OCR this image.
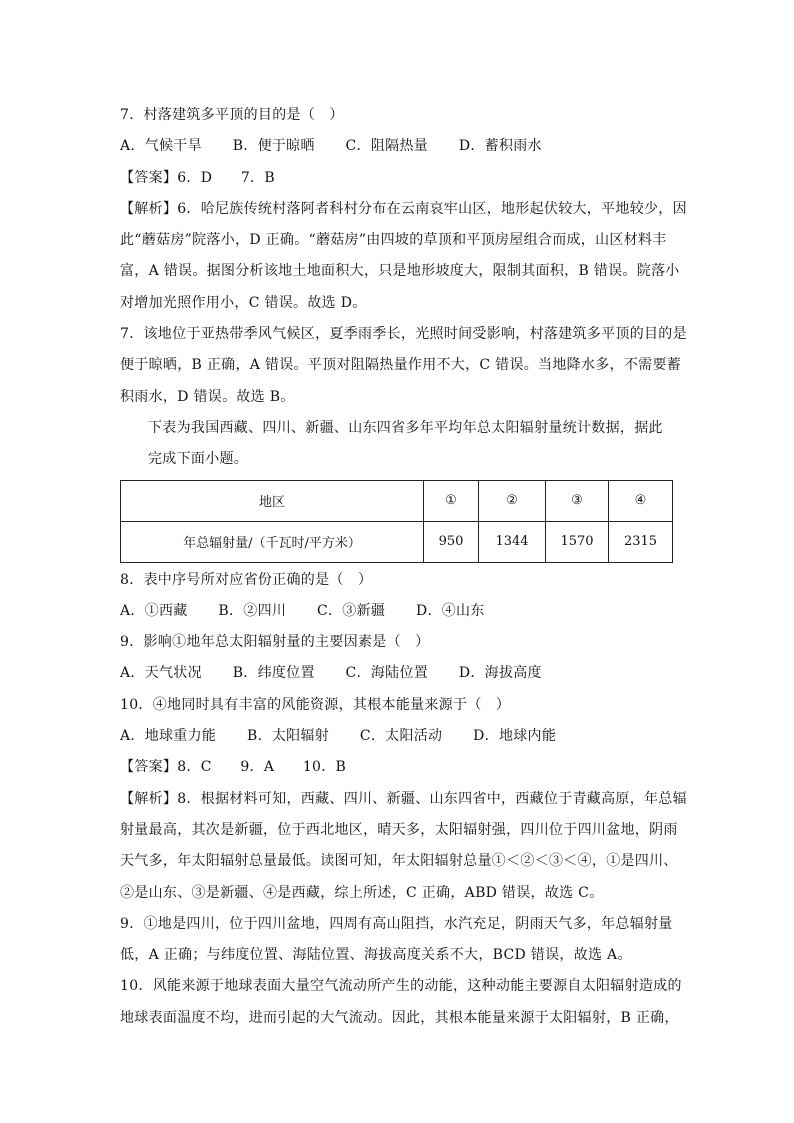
7．村落建筑多平顶的目的是（　）
A．气候干旱 B．便于晾晒 C．阻隔热量 D．蓄积雨水
【答案】6．D　　7．B
【解析】6．哈尼族传统村落阿者科村分布在云南哀牢山区，地形起伏较大，平地较少，因
此“蘑菇房”院落小，D 正确。“蘑菇房”由四坡的草顶和平顶房屋组合而成，山区材料丰
富，A 错误。据图分析该地土地面积大，只是地形坡度大，限制其面积，B 错误。院落小
对增加光照作用小，C 错误。故选 D。
7．该地位于亚热带季风气候区，夏季雨季长，光照时间受影响，村落建筑多平顶的目的是
便于晾晒，B 正确，A 错误。平顶对阻隔热量作用不大，C 错误。当地降水多，不需要蓄
积雨水，D 错误。故选 B。
下表为我国西藏、四川、新疆、山东四省多年平均年总太阳辐射量统计数据，据此
完成下面小题。
地区	①	②	③	④
年总辐射量/（千瓦时/平方米）	950	1344	1570	2315
8．表中序号所对应省份正确的是（　）
A．①西藏 B．②四川 C．③新疆 D．④山东
9．影响①地年总太阳辐射量的主要因素是（　）
A．天气状况 B．纬度位置 C．海陆位置 D．海拔高度
10．④地同时具有丰富的风能资源，其根本能量来源于（　）
A．地球重力能 B．太阳辐射 C．太阳活动 D．地球内能
【答案】8．C　　9．A　　10．B
【解析】8．根据材料可知，西藏、四川、新疆、山东四省中，西藏位于青藏高原，年总辐
射量最高，其次是新疆，位于西北地区，晴天多，太阳辐射强，四川位于四川盆地，阴雨
天气多，年太阳辐射总量最低。读图可知，年太阳辐射总量①＜②＜③＜④，①是四川、
②是山东、③是新疆、④是西藏，综上所述，C 正确，ABD 错误，故选 C。
9．①地是四川，位于四川盆地，四周有高山阻挡，水汽充足，阴雨天气多，年总辐射量
低，A 正确；与纬度位置、海陆位置、海拔高度关系不大，BCD 错误，故选 A。
10．风能来源于地球表面大量空气流动所产生的动能，这种动能主要源自太阳辐射造成的
地球表面温度不均，进而引起的大气流动。因此，其根本能量来源于太阳辐射，B 正确，
